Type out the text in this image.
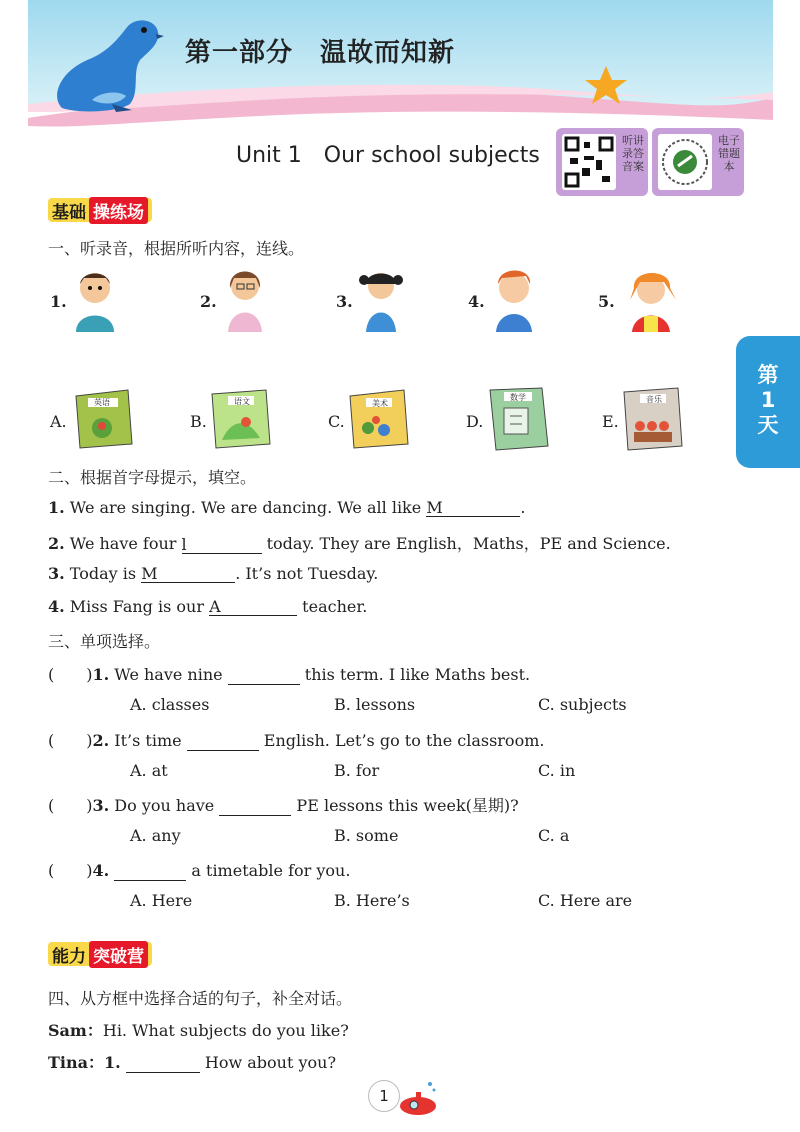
第一部分　温故而知新
Unit 1　Our school subjects
听讲录答音案
电子错题本
第1天
基础 操练场
一、听录音，根据所听内容，连线。
1.	2.	3.	4.	5.
A.
英语
B.
语文
C.
美术
D.
数学
E.
音乐
二、根据首字母提示，填空。
1. We are singing. We are dancing. We all like M	.
2. We have four l	today. They are English，Maths，PE and Science.
3. Today is M	. It’s not Tuesday.
4. Miss Fang is our A	teacher.
三、单项选择。
(　　)1. We have nine	this term. I like Maths best.
A. classes	B. lessons	C. subjects
(　　)2. It’s time	English. Let’s go to the classroom.
A. at	B. for	C. in
(　　)3. Do you have	PE lessons this week(星期)?
A. any	B. some	C. a
(　　)4.	a timetable for you.
A. Here	B. Here’s	C. Here are
能力 突破营
四、从方框中选择合适的句子，补全对话。
Sam：Hi. What subjects do you like?
Tina：1.	How about you?
1
